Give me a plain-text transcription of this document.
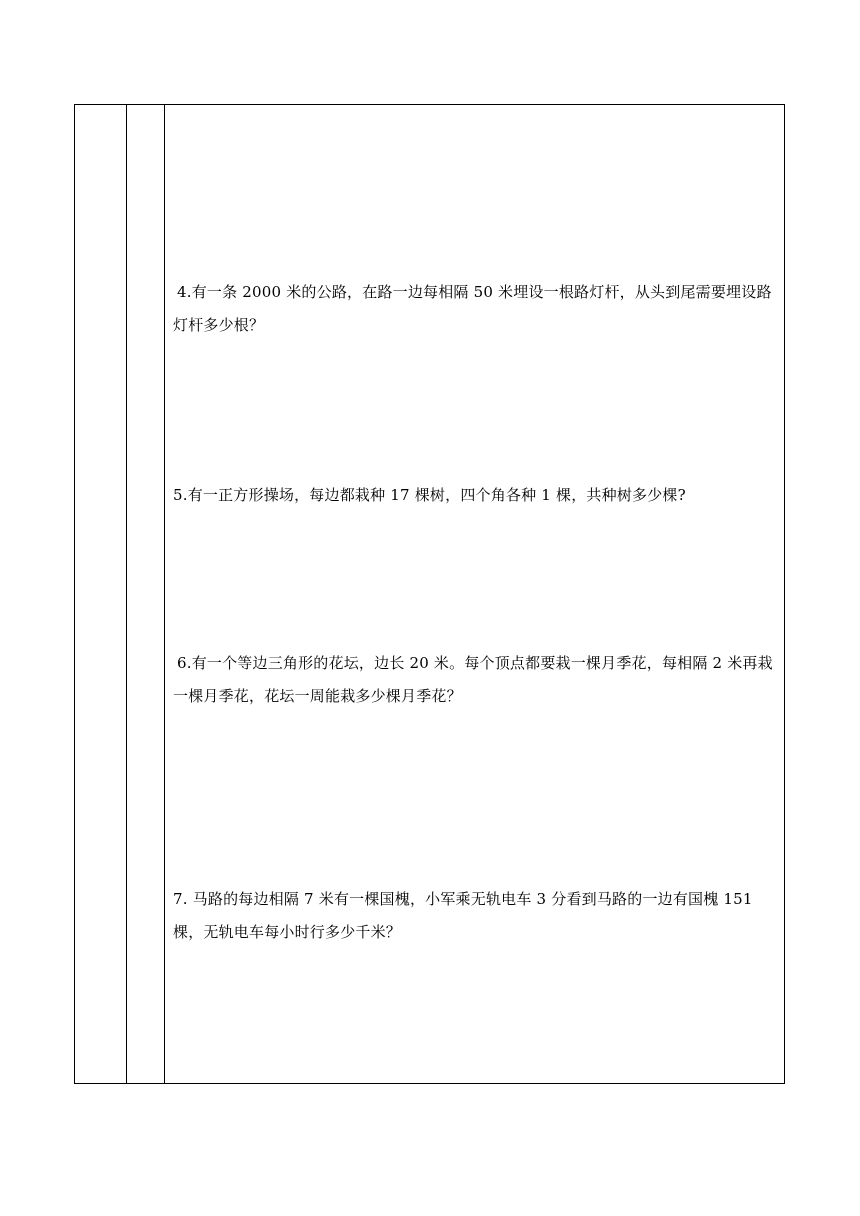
4.有一条 2000 米的公路，在路一边每相隔 50 米埋设一根路灯杆，从头到尾需要埋设路灯杆多少根？

5.有一正方形操场，每边都栽种 17 棵树，四个角各种 1 棵，共种树多少棵?

6.有一个等边三角形的花坛，边长 20 米。每个顶点都要栽一棵月季花，每相隔 2 米再栽一棵月季花，花坛一周能栽多少棵月季花？

7. 马路的每边相隔 7 米有一棵国槐，小军乘无轨电车 3 分看到马路的一边有国槐 151 棵，无轨电车每小时行多少千米？
